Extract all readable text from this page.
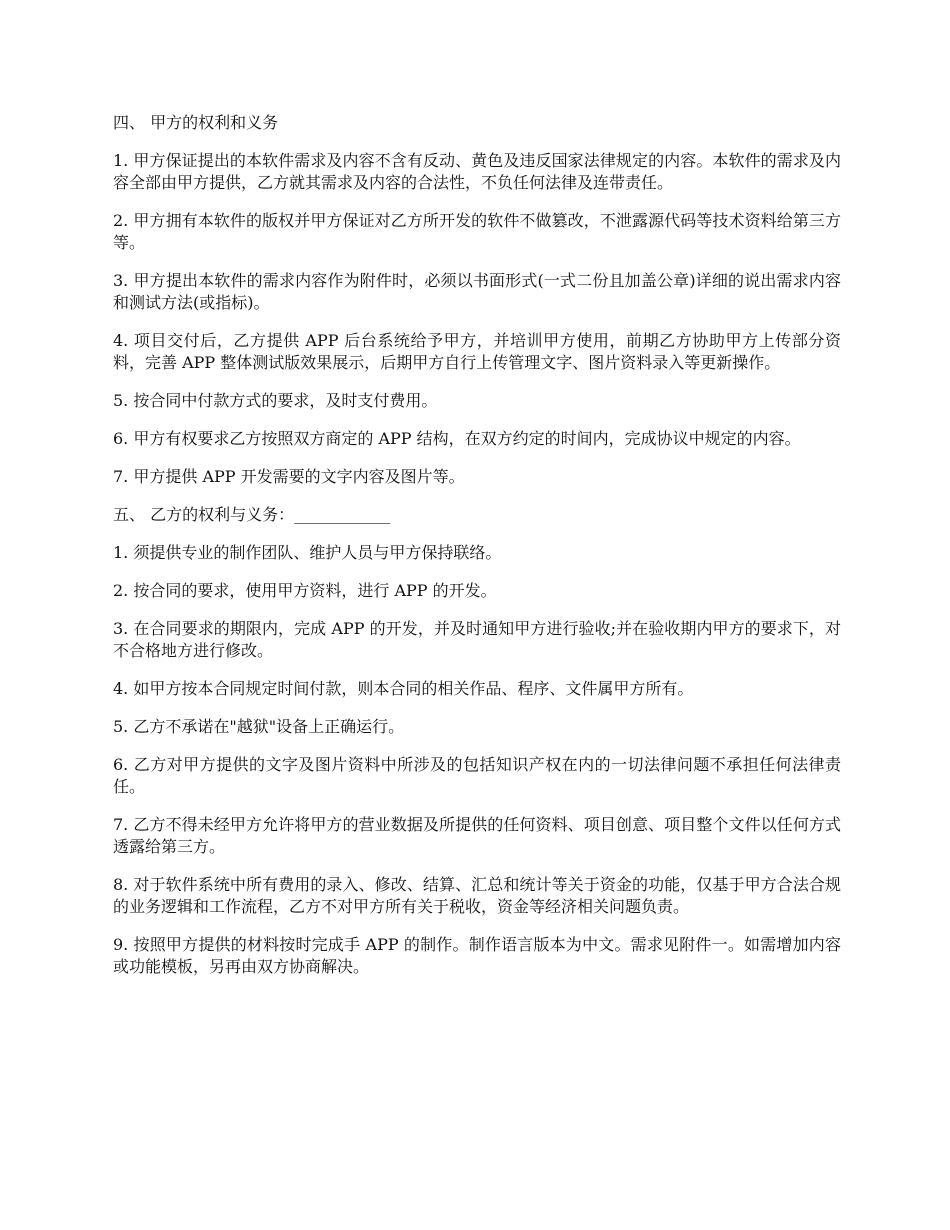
四、 甲方的权利和义务

1. 甲方保证提出的本软件需求及内容不含有反动、黄色及违反国家法律规定的内容。本软件的需求及内容全部由甲方提供，乙方就其需求及内容的合法性，不负任何法律及连带责任。

2. 甲方拥有本软件的版权并甲方保证对乙方所开发的软件不做篡改，不泄露源代码等技术资料给第三方等。

3. 甲方提出本软件的需求内容作为附件时，必须以书面形式(一式二份且加盖公章)详细的说出需求内容和测试方法(或指标)。

4. 项目交付后，乙方提供 APP 后台系统给予甲方，并培训甲方使用，前期乙方协助甲方上传部分资料，完善 APP 整体测试版效果展示，后期甲方自行上传管理文字、图片资料录入等更新操作。

5. 按合同中付款方式的要求，及时支付费用。

6. 甲方有权要求乙方按照双方商定的 APP 结构，在双方约定的时间内，完成协议中规定的内容。

7. 甲方提供 APP 开发需要的文字内容及图片等。

五、 乙方的权利与义务：____________

1. 须提供专业的制作团队、维护人员与甲方保持联络。

2. 按合同的要求，使用甲方资料，进行 APP 的开发。

3. 在合同要求的期限内，完成 APP 的开发，并及时通知甲方进行验收;并在验收期内甲方的要求下，对不合格地方进行修改。

4. 如甲方按本合同规定时间付款，则本合同的相关作品、程序、文件属甲方所有。

5. 乙方不承诺在"越狱"设备上正确运行。

6. 乙方对甲方提供的文字及图片资料中所涉及的包括知识产权在内的一切法律问题不承担任何法律责任。

7. 乙方不得未经甲方允许将甲方的营业数据及所提供的任何资料、项目创意、项目整个文件以任何方式透露给第三方。

8. 对于软件系统中所有费用的录入、修改、结算、汇总和统计等关于资金的功能，仅基于甲方合法合规的业务逻辑和工作流程，乙方不对甲方所有关于税收，资金等经济相关问题负责。

9. 按照甲方提供的材料按时完成手 APP 的制作。制作语言版本为中文。需求见附件一。如需增加内容或功能模板，另再由双方协商解决。
